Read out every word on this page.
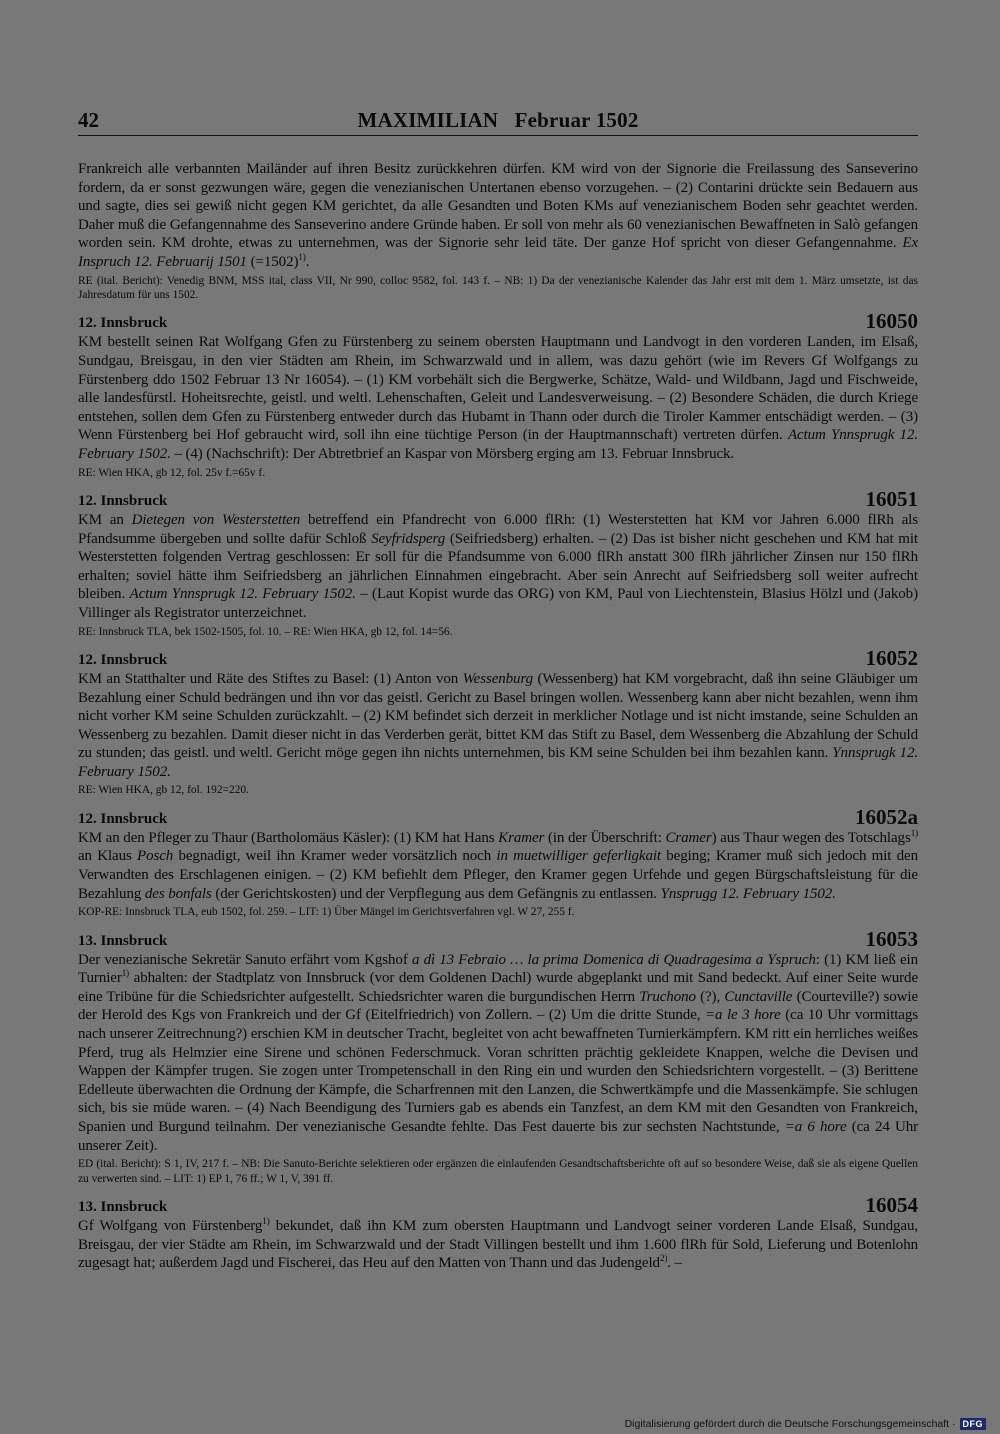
42	MAXIMILIAN   Februar 1502

Frankreich alle verbannten Mailänder auf ihren Besitz zurückkehren dürfen. KM wird von der Signorie die Freilassung des Sanseverino fordern, da er sonst gezwungen wäre, gegen die venezianischen Untertanen ebenso vorzugehen. – (2) Contarini drückte sein Bedauern aus und sagte, dies sei gewiß nicht gegen KM gerichtet, da alle Gesandten und Boten KMs auf venezianischem Boden sehr geachtet werden. Daher muß die Gefangennahme des Sanseverino andere Gründe haben. Er soll von mehr als 60 venezianischen Bewaffneten in Salò gefangen worden sein. KM drohte, etwas zu unternehmen, was der Signorie sehr leid täte. Der ganze Hof spricht von dieser Gefangennahme. Ex Inspruch 12. Februarij 1501 (=1502)$^{1)}$.

RE (ital. Bericht): Venedig BNM, MSS ital, class VII, Nr 990, colloc 9582, fol. 143 f. – NB: 1) Da der venezianische Kalender das Jahr erst mit dem 1. März umsetzte, ist das Jahresdatum für uns 1502.

12. Innsbruck	16050

KM bestellt seinen Rat Wolfgang Gfen zu Fürstenberg zu seinem obersten Hauptmann und Landvogt in den vorderen Landen, im Elsaß, Sundgau, Breisgau, in den vier Städten am Rhein, im Schwarzwald und in allem, was dazu gehört (wie im Revers Gf Wolfgangs zu Fürstenberg ddo 1502 Februar 13 Nr 16054). – (1) KM vorbehält sich die Bergwerke, Schätze, Wald- und Wildbann, Jagd und Fischweide, alle landesfürstl. Hoheitsrechte, geistl. und weltl. Lehenschaften, Geleit und Landesverweisung. – (2) Besondere Schäden, die durch Kriege entstehen, sollen dem Gfen zu Fürstenberg entweder durch das Hubamt in Thann oder durch die Tiroler Kammer entschädigt werden. – (3) Wenn Fürstenberg bei Hof gebraucht wird, soll ihn eine tüchtige Person (in der Hauptmannschaft) vertreten dürfen. Actum Ynnsprugk 12. February 1502. – (4) (Nachschrift): Der Abtretbrief an Kaspar von Mörsberg erging am 13. Februar Innsbruck.

RE: Wien HKA, gb 12, fol. 25v f.=65v f.

12. Innsbruck	16051

KM an Dietegen von Westerstetten betreffend ein Pfandrecht von 6.000 flRh: (1) Westerstetten hat KM vor Jahren 6.000 flRh als Pfandsumme übergeben und sollte dafür Schloß Seyfridsperg (Seifriedsberg) erhalten. – (2) Das ist bisher nicht geschehen und KM hat mit Westerstetten folgenden Vertrag geschlossen: Er soll für die Pfandsumme von 6.000 flRh anstatt 300 flRh jährlicher Zinsen nur 150 flRh erhalten; soviel hätte ihm Seifriedsberg an jährlichen Einnahmen eingebracht. Aber sein Anrecht auf Seifriedsberg soll weiter aufrecht bleiben. Actum Ynnsprugk 12. February 1502. – (Laut Kopist wurde das ORG) von KM, Paul von Liechtenstein, Blasius Hölzl und (Jakob) Villinger als Registrator unterzeichnet.

RE: Innsbruck TLA, bek 1502-1505, fol. 10. – RE: Wien HKA, gb 12, fol. 14=56.

12. Innsbruck	16052

KM an Statthalter und Räte des Stiftes zu Basel: (1) Anton von Wessenburg (Wessenberg) hat KM vorgebracht, daß ihn seine Gläubiger um Bezahlung einer Schuld bedrängen und ihn vor das geistl. Gericht zu Basel bringen wollen. Wessenberg kann aber nicht bezahlen, wenn ihm nicht vorher KM seine Schulden zurückzahlt. – (2) KM befindet sich derzeit in merklicher Notlage und ist nicht imstande, seine Schulden an Wessenberg zu bezahlen. Damit dieser nicht in das Verderben gerät, bittet KM das Stift zu Basel, dem Wessenberg die Abzahlung der Schuld zu stunden; das geistl. und weltl. Gericht möge gegen ihn nichts unternehmen, bis KM seine Schulden bei ihm bezahlen kann. Ynnsprugk 12. February 1502.

RE: Wien HKA, gb 12, fol. 192=220.

12. Innsbruck	16052a

KM an den Pfleger zu Thaur (Bartholomäus Käsler): (1) KM hat Hans Kramer (in der Überschrift: Cramer) aus Thaur wegen des Totschlags$^{1)}$ an Klaus Posch begnadigt, weil ihn Kramer weder vorsätzlich noch in muetwilliger geferligkait beging; Kramer muß sich jedoch mit den Verwandten des Erschlagenen einigen. – (2) KM befiehlt dem Pfleger, den Kramer gegen Urfehde und gegen Bürgschaftsleistung für die Bezahlung des bonfals (der Gerichtskosten) und der Verpflegung aus dem Gefängnis zu entlassen. Ynsprugg 12. February 1502.

KOP-RE: Innsbruck TLA, eub 1502, fol. 259. – LIT: 1) Über Mängel im Gerichtsverfahren vgl. W 27, 255 f.

13. Innsbruck	16053

Der venezianische Sekretär Sanuto erfährt vom Kgshof a dì 13 Febraio … la prima Domenica di Quadragesima a Yspruch: (1) KM ließ ein Turnier$^{1)}$ abhalten: der Stadtplatz von Innsbruck (vor dem Goldenen Dachl) wurde abgeplankt und mit Sand bedeckt. Auf einer Seite wurde eine Tribüne für die Schiedsrichter aufgestellt. Schiedsrichter waren die burgundischen Herrn Truchono (?), Cunctaville (Courteville?) sowie der Herold des Kgs von Frankreich und der Gf (Eitelfriedrich) von Zollern. – (2) Um die dritte Stunde, =a le 3 hore (ca 10 Uhr vormittags nach unserer Zeitrechnung?) erschien KM in deutscher Tracht, begleitet von acht bewaffneten Turnierkämpfern. KM ritt ein herrliches weißes Pferd, trug als Helmzier eine Sirene und schönen Federschmuck. Voran schritten prächtig gekleidete Knappen, welche die Devisen und Wappen der Kämpfer trugen. Sie zogen unter Trompetenschall in den Ring ein und wurden den Schiedsrichtern vorgestellt. – (3) Berittene Edelleute überwachten die Ordnung der Kämpfe, die Scharfrennen mit den Lanzen, die Schwertkämpfe und die Massenkämpfe. Sie schlugen sich, bis sie müde waren. – (4) Nach Beendigung des Turniers gab es abends ein Tanzfest, an dem KM mit den Gesandten von Frankreich, Spanien und Burgund teilnahm. Der venezianische Gesandte fehlte. Das Fest dauerte bis zur sechsten Nachtstunde, =a 6 hore (ca 24 Uhr unserer Zeit).

ED (ital. Bericht): S 1, IV, 217 f. – NB: Die Sanuto-Berichte selektieren oder ergänzen die einlaufenden Gesandtschaftsberichte oft auf so besondere Weise, daß sie als eigene Quellen zu verwerten sind. – LIT: 1) EP 1, 76 ff.; W 1, V, 391 ff.

13. Innsbruck	16054

Gf Wolfgang von Fürstenberg$^{1)}$ bekundet, daß ihn KM zum obersten Hauptmann und Landvogt seiner vorderen Lande Elsaß, Sundgau, Breisgau, der vier Städte am Rhein, im Schwarzwald und der Stadt Villingen bestellt und ihm 1.600 flRh für Sold, Lieferung und Botenlohn zugesagt hat; außerdem Jagd und Fischerei, das Heu auf den Matten von Thann und das Judengeld$^{2)}$. –

Digitalisierung gefördert durch die Deutsche Forschungsgemeinschaft · DFG
